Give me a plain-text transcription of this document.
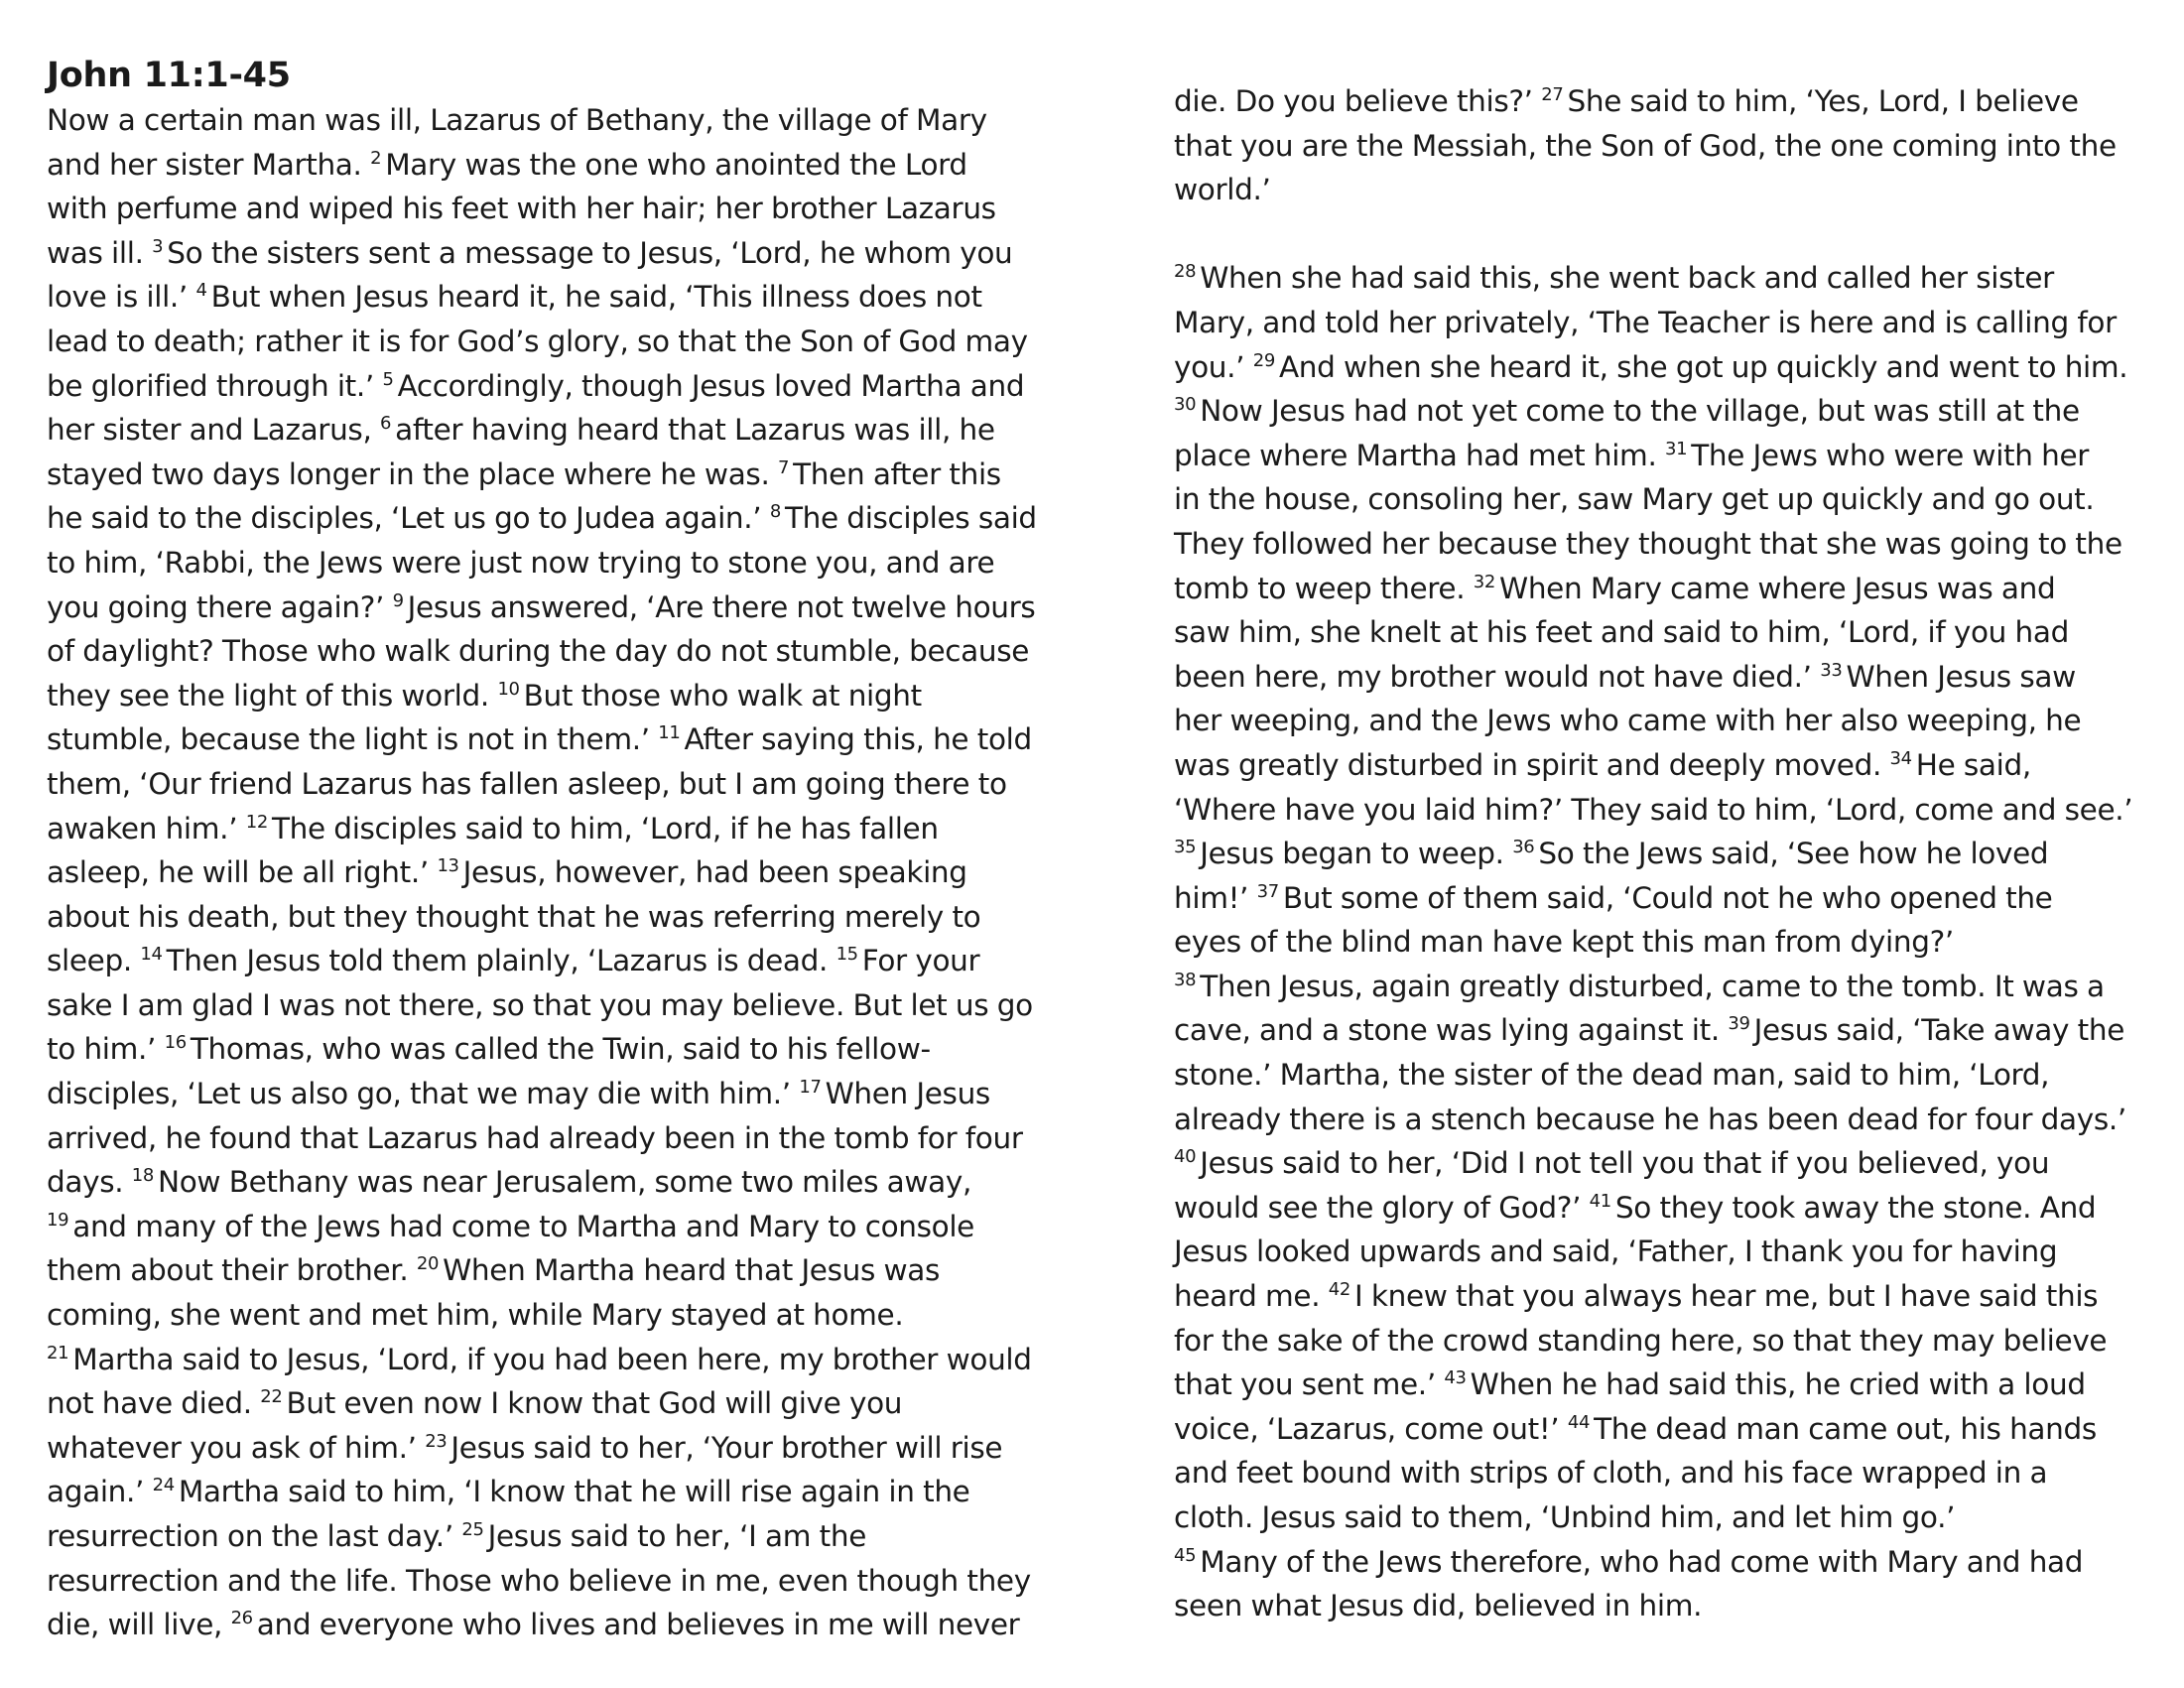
John 11:1-45
Now a certain man was ill, Lazarus of Bethany, the village of Mary
and her sister Martha. $^2$ Mary was the one who anointed the Lord
with perfume and wiped his feet with her hair; her brother Lazarus
was ill. $^3$ So the sisters sent a message to Jesus, ‘Lord, he whom you
love is ill.’ $^4$ But when Jesus heard it, he said, ‘This illness does not
lead to death; rather it is for God’s glory, so that the Son of God may
be glorified through it.’ $^5$ Accordingly, though Jesus loved Martha and
her sister and Lazarus, $^6$ after having heard that Lazarus was ill, he
stayed two days longer in the place where he was. $^7$ Then after this
he said to the disciples, ‘Let us go to Judea again.’ $^8$ The disciples said
to him, ‘Rabbi, the Jews were just now trying to stone you, and are
you going there again?’ $^9$ Jesus answered, ‘Are there not twelve hours
of daylight? Those who walk during the day do not stumble, because
they see the light of this world. $^{10}$ But those who walk at night
stumble, because the light is not in them.’ $^{11}$ After saying this, he told
them, ‘Our friend Lazarus has fallen asleep, but I am going there to
awaken him.’ $^{12}$ The disciples said to him, ‘Lord, if he has fallen
asleep, he will be all right.’ $^{13}$ Jesus, however, had been speaking
about his death, but they thought that he was referring merely to
sleep. $^{14}$ Then Jesus told them plainly, ‘Lazarus is dead. $^{15}$ For your
sake I am glad I was not there, so that you may believe. But let us go
to him.’ $^{16}$ Thomas, who was called the Twin, said to his fellow-
disciples, ‘Let us also go, that we may die with him.’ $^{17}$ When Jesus
arrived, he found that Lazarus had already been in the tomb for four
days. $^{18}$ Now Bethany was near Jerusalem, some two miles away,
$^{19}$ and many of the Jews had come to Martha and Mary to console
them about their brother. $^{20}$ When Martha heard that Jesus was
coming, she went and met him, while Mary stayed at home.
$^{21}$ Martha said to Jesus, ‘Lord, if you had been here, my brother would
not have died. $^{22}$ But even now I know that God will give you
whatever you ask of him.’ $^{23}$ Jesus said to her, ‘Your brother will rise
again.’ $^{24}$ Martha said to him, ‘I know that he will rise again in the
resurrection on the last day.’ $^{25}$ Jesus said to her, ‘I am the
resurrection and the life. Those who believe in me, even though they
die, will live, $^{26}$ and everyone who lives and believes in me will never
die. Do you believe this?’ $^{27}$ She said to him, ‘Yes, Lord, I believe
that you are the Messiah, the Son of God, the one coming into the
world.’
$^{28}$ When she had said this, she went back and called her sister
Mary, and told her privately, ‘The Teacher is here and is calling for
you.’ $^{29}$ And when she heard it, she got up quickly and went to him.
$^{30}$ Now Jesus had not yet come to the village, but was still at the
place where Martha had met him. $^{31}$ The Jews who were with her
in the house, consoling her, saw Mary get up quickly and go out.
They followed her because they thought that she was going to the
tomb to weep there. $^{32}$ When Mary came where Jesus was and
saw him, she knelt at his feet and said to him, ‘Lord, if you had
been here, my brother would not have died.’ $^{33}$ When Jesus saw
her weeping, and the Jews who came with her also weeping, he
was greatly disturbed in spirit and deeply moved. $^{34}$ He said,
‘Where have you laid him?’ They said to him, ‘Lord, come and see.’
$^{35}$ Jesus began to weep. $^{36}$ So the Jews said, ‘See how he loved
him!’ $^{37}$ But some of them said, ‘Could not he who opened the
eyes of the blind man have kept this man from dying?’
$^{38}$ Then Jesus, again greatly disturbed, came to the tomb. It was a
cave, and a stone was lying against it. $^{39}$ Jesus said, ‘Take away the
stone.’ Martha, the sister of the dead man, said to him, ‘Lord,
already there is a stench because he has been dead for four days.’
$^{40}$ Jesus said to her, ‘Did I not tell you that if you believed, you
would see the glory of God?’ $^{41}$ So they took away the stone. And
Jesus looked upwards and said, ‘Father, I thank you for having
heard me. $^{42}$ I knew that you always hear me, but I have said this
for the sake of the crowd standing here, so that they may believe
that you sent me.’ $^{43}$ When he had said this, he cried with a loud
voice, ‘Lazarus, come out!’ $^{44}$ The dead man came out, his hands
and feet bound with strips of cloth, and his face wrapped in a
cloth. Jesus said to them, ‘Unbind him, and let him go.’
$^{45}$ Many of the Jews therefore, who had come with Mary and had
seen what Jesus did, believed in him.
